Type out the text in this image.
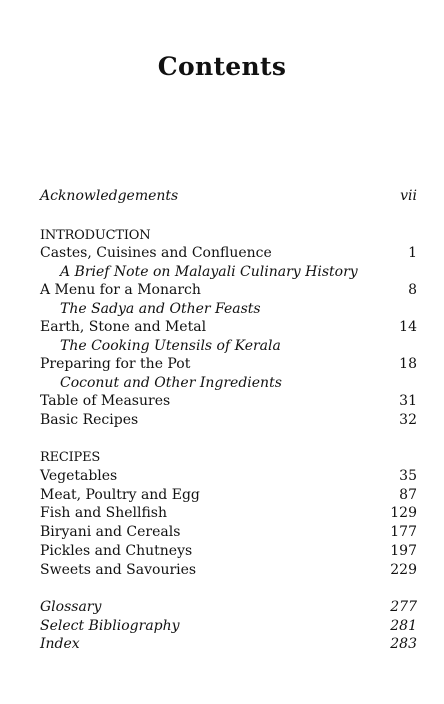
Contents
Acknowledgements	vii
INTRODUCTION
Castes, Cuisines and Confluence	1
A Brief Note on Malayali Culinary History
A Menu for a Monarch	8
The Sadya and Other Feasts
Earth, Stone and Metal	14
The Cooking Utensils of Kerala
Preparing for the Pot	18
Coconut and Other Ingredients
Table of Measures	31
Basic Recipes	32
RECIPES
Vegetables	35
Meat, Poultry and Egg	87
Fish and Shellfish	129
Biryani and Cereals	177
Pickles and Chutneys	197
Sweets and Savouries	229
Glossary	277
Select Bibliography	281
Index	283
